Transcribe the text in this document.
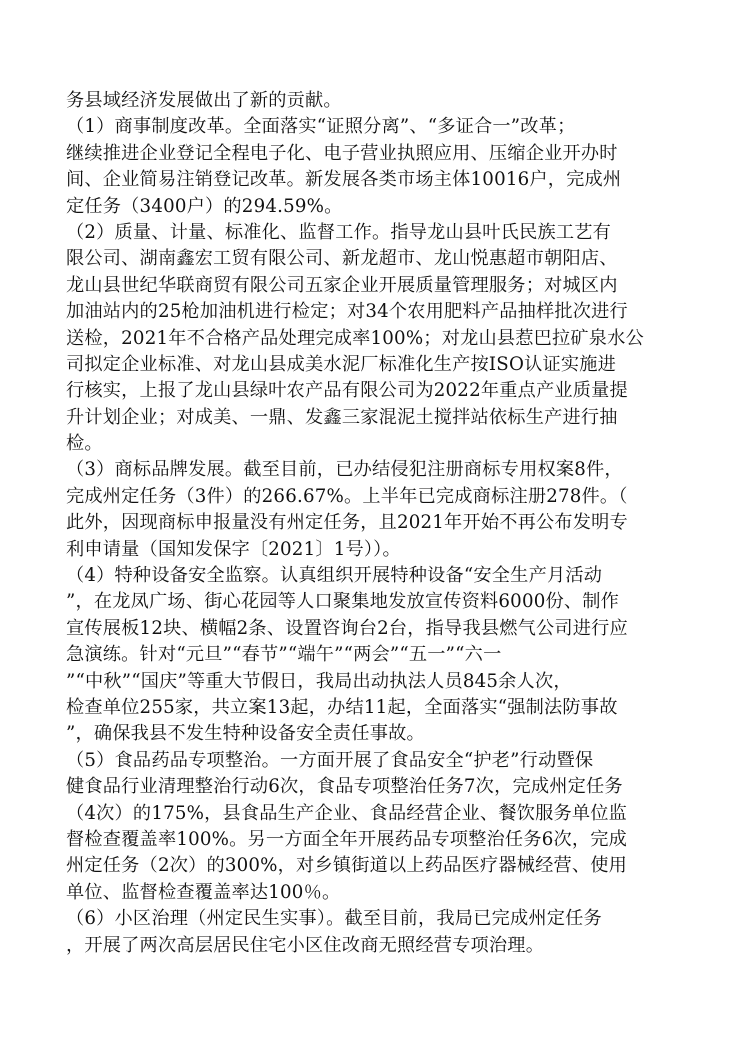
务县域经济发展做出了新的贡献。
（1）商事制度改革。全面落实“证照分离”、“多证合一”改革；
继续推进企业登记全程电子化、电子营业执照应用、压缩企业开办时
间、企业简易注销登记改革。新发展各类市场主体10016户，完成州
定任务（3400户）的294.59%。
（2）质量、计量、标准化、监督工作。指导龙山县叶氏民族工艺有
限公司、湖南鑫宏工贸有限公司、新龙超市、龙山悦惠超市朝阳店、
龙山县世纪华联商贸有限公司五家企业开展质量管理服务；对城区内
加油站内的25枪加油机进行检定；对34个农用肥料产品抽样批次进行
送检，2021年不合格产品处理完成率100%；对龙山县惹巴拉矿泉水公
司拟定企业标准、对龙山县成美水泥厂标准化生产按ISO认证实施进
行核实，上报了龙山县绿叶农产品有限公司为2022年重点产业质量提
升计划企业；对成美、一鼎、发鑫三家混泥土搅拌站依标生产进行抽
检。
（3）商标品牌发展。截至目前，已办结侵犯注册商标专用权案8件，
完成州定任务（3件）的266.67%。上半年已完成商标注册278件。（
此外，因现商标申报量没有州定任务，且2021年开始不再公布发明专
利申请量（国知发保字〔2021〕1号））。
（4）特种设备安全监察。认真组织开展特种设备“安全生产月活动
”，在龙凤广场、街心花园等人口聚集地发放宣传资料6000份、制作
宣传展板12块、横幅2条、设置咨询台2台，指导我县燃气公司进行应
急演练。针对“元旦”“春节”“端午”“两会”“五一”“六一
”“中秋”“国庆”等重大节假日，我局出动执法人员845余人次，
检查单位255家，共立案13起，办结11起，全面落实“强制法防事故
”，确保我县不发生特种设备安全责任事故。
（5）食品药品专项整治。一方面开展了食品安全“护老”行动暨保
健食品行业清理整治行动6次，食品专项整治任务7次，完成州定任务
（4次）的175%，县食品生产企业、食品经营企业、餐饮服务单位监
督检查覆盖率100%。另一方面全年开展药品专项整治任务6次，完成
州定任务（2次）的300%，对乡镇街道以上药品医疗器械经营、使用
单位、监督检查覆盖率达100％。
（6）小区治理（州定民生实事）。截至目前，我局已完成州定任务
，开展了两次高层居民住宅小区住改商无照经营专项治理。
